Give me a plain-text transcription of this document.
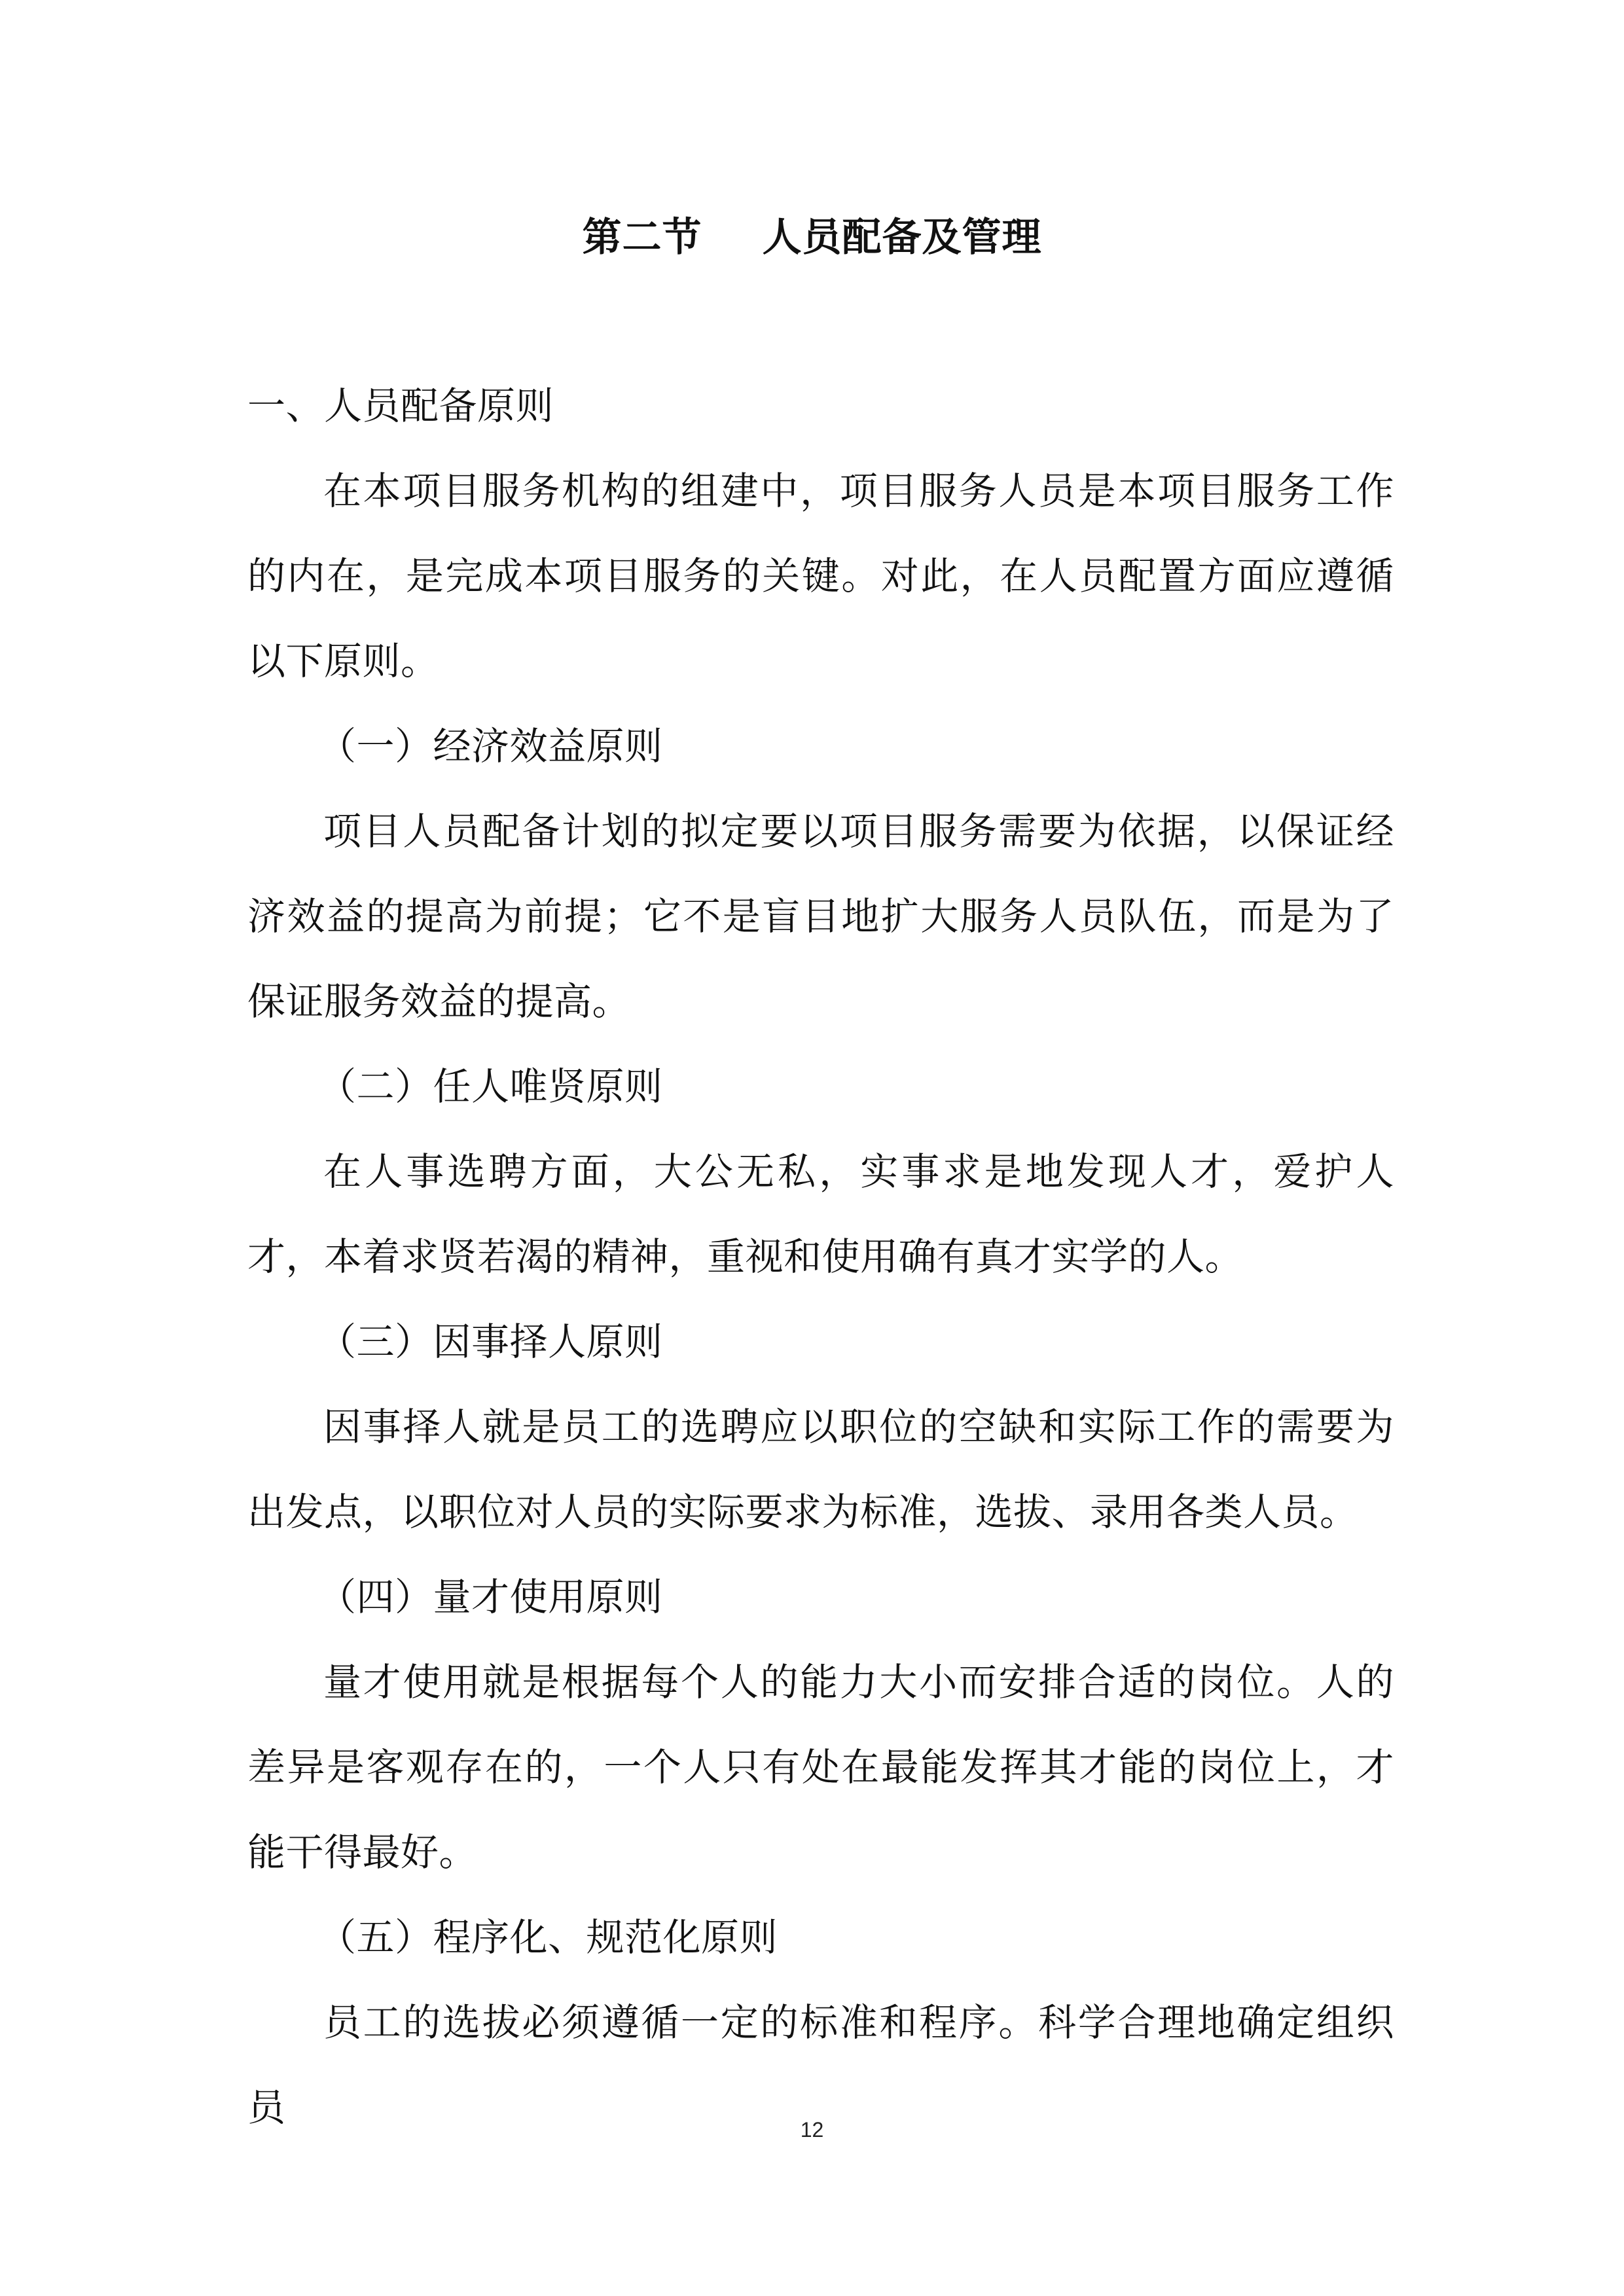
第二节 人员配备及管理

一、人员配备原则

在本项目服务机构的组建中，项目服务人员是本项目服务工作的内在，是完成本项目服务的关键。对此，在人员配置方面应遵循以下原则。

（一）经济效益原则

项目人员配备计划的拟定要以项目服务需要为依据，以保证经济效益的提高为前提；它不是盲目地扩大服务人员队伍，而是为了保证服务效益的提高。

（二）任人唯贤原则

在人事选聘方面，大公无私，实事求是地发现人才，爱护人才，本着求贤若渴的精神，重视和使用确有真才实学的人。

（三）因事择人原则

因事择人就是员工的选聘应以职位的空缺和实际工作的需要为出发点，以职位对人员的实际要求为标准，选拔、录用各类人员。

（四）量才使用原则

量才使用就是根据每个人的能力大小而安排合适的岗位。人的差异是客观存在的，一个人只有处在最能发挥其才能的岗位上，才能干得最好。

（五）程序化、规范化原则

员工的选拔必须遵循一定的标准和程序。科学合理地确定组织员	12
